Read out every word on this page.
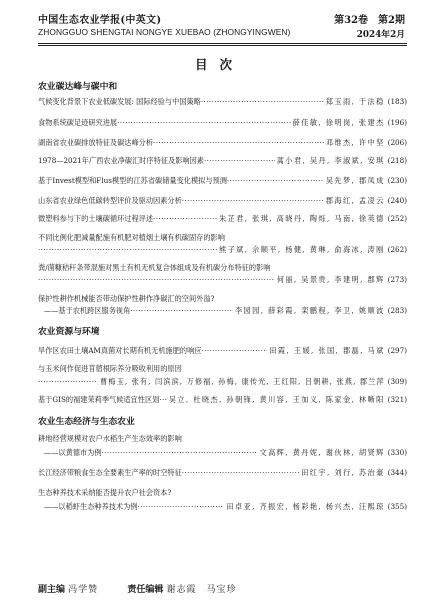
中国生态农业学报(中英文)
ZHONGGUO SHENGTAI NONGYE XUEBAO (ZHONGYINGWEN)
第32卷　第2期
2024年2月
目次
农业碳达峰与碳中和
气候变化背景下农业低碳发展: 国际经验与中国策略 ·····	郑玉雨, 于法稳 (183)
食物系统碳足迹研究进展 ·····	薛佳敏, 徐明岗, 张建杰 (196)
湖南省农业碳排放特征及碳达峰分析 ·····	邓维杰, 许中坚 (206)
1978—2021年广西农业净碳汇时序特征及影响因素 ·····	蒿小君, 吴丹, 李淑斌, 安琪 (218)
基于Invest模型和Flus模型的江苏省碳储量变化模拟与预测 ·····	吴先梦, 郡凤成 (230)
山东省农业绿色低碳转型评价及驱动因素分析 ·····	郡海红, 孟凌云 (240)
微塑料参与下的土壤碳循环过程评述 ·····	朱芷君, 张琪, 高晓丹, 陶烁, 马南, 徐英德 (252)
不同比例化肥减量配施有机肥对植烟土壤有机碳固存的影响
·····
熊子斌, 佘顺平, 杨健, 黄琳, 俞海冰, 涛刚 (262)
粪/菌糠秸秆条带混施对黑土有机无机复合体组成及有机碳分布特征的影响
·····
何丽, 吴景贵, 李建明, 郡辉 (273)
保护性耕作机械能否带动保护性耕作净碳汇的空间外溢?
——基于农机跨区服务视角 ·····	李园园, 薛彩霞, 栾鹏程, 李卫, 姚顺波 (283)
农业资源与环境
旱作区农田土壤AM真菌对长期有机无机施肥的响应 ·····	田霞, 王媛, 张国, 郡磊, 马斌 (297)
与玉米间作促进苜蓿根际养分吸收利用的原因
·····
曹梅玉, 张有, 闫滨滨, 万修福, 孙梅, 康传光, 王红阳, 吕朝耕, 张燕, 郡兰萍 (309)
基于GIS的福建茉莉季气候适宜性区划 ····· 吴立, 杜晓杰, 孙朝锋, 黄川容, 王加义, 陈家金, 林晰阳 (321)
农业生态经济与生态农业
耕地经营规模对农户水稻生产生态效率的影响
——以黄德市为例 ·····	文高辉, 黄丹妮, 谢伙林, 胡贤辉 (330)
长江经济带粮食生态全要素生产率的时空特征 ·····	田红宇, 刘行, 苏治豪 (344)
生态种养技术采纳能否提升农户社会资本?
——以稻虾生态种养技术为例 ·····	田卓亚, 齐振宏, 杨彩艳, 杨兴杰, 汪熙琼 (355)
副主编 冯学赞	责任编辑 谢志霞　马宝珍
